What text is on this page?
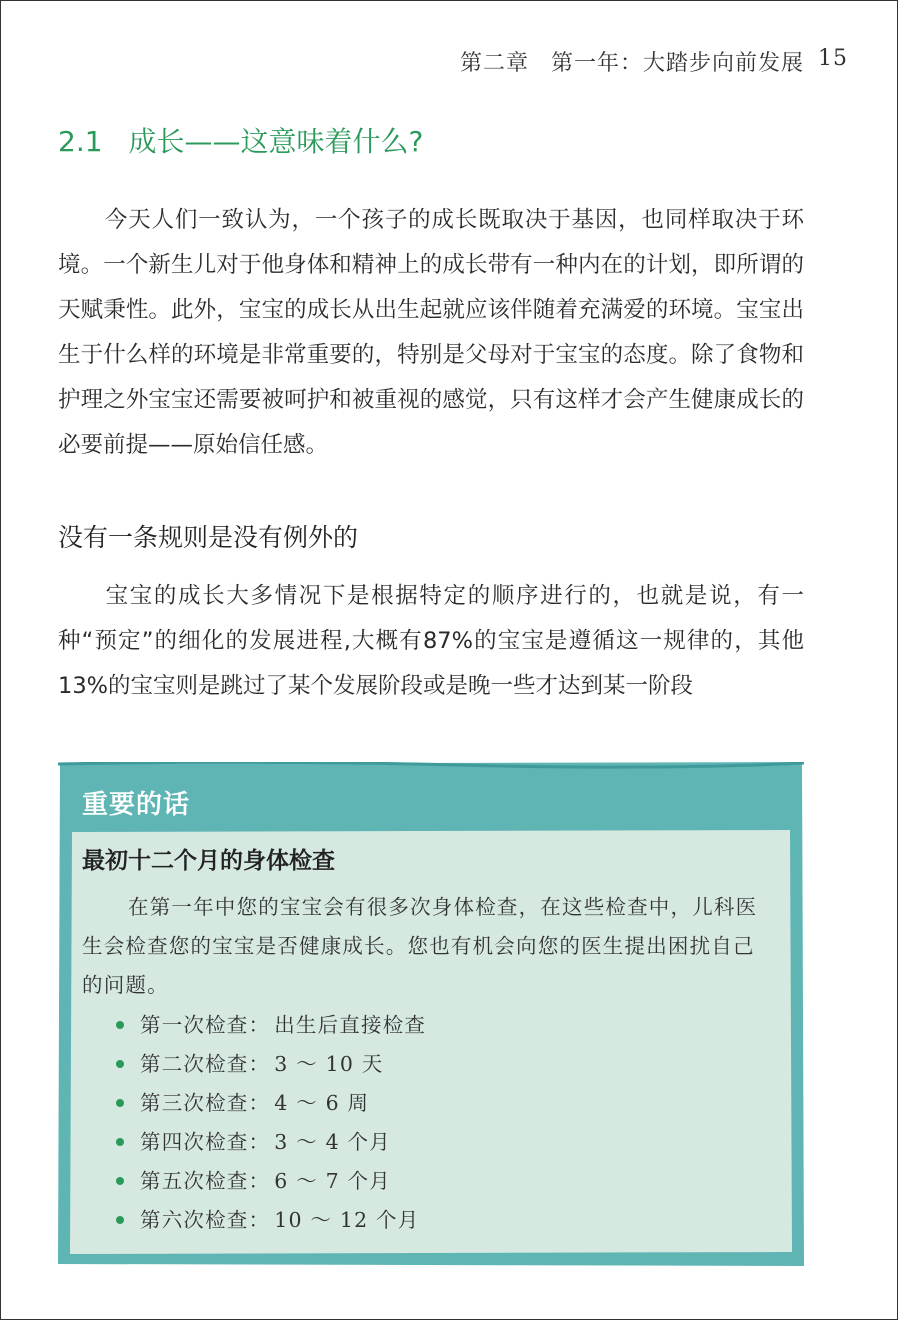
第二章 第一年：大踏步向前发展 15
2.1 成长——这意味着什么?

今天人们一致认为，一个孩子的成长既取决于基因，也同样取决于环境。一个新生儿对于他身体和精神上的成长带有一种内在的计划，即所谓的天赋秉性。此外，宝宝的成长从出生起就应该伴随着充满爱的环境。宝宝出生于什么样的环境是非常重要的，特别是父母对于宝宝的态度。除了食物和护理之外宝宝还需要被呵护和被重视的感觉，只有这样才会产生健康成长的必要前提——原始信任感。

没有一条规则是没有例外的

宝宝的成长大多情况下是根据特定的顺序进行的，也就是说，有一种“预定”的细化的发展进程,大概有87%的宝宝是遵循这一规律的，其他13%的宝宝则是跳过了某个发展阶段或是晚一些才达到某一阶段

重要的话
最初十二个月的身体检查

在第一年中您的宝宝会有很多次身体检查，在这些检查中，儿科医生会检查您的宝宝是否健康成长。您也有机会向您的医生提出困扰自己的问题。

第一次检查： 出生后直接检查
第二次检查： 3 ～ 10 天
第三次检查： 4 ～ 6 周
第四次检查： 3 ～ 4 个月
第五次检查： 6 ～ 7 个月
第六次检查： 10 ～ 12 个月
